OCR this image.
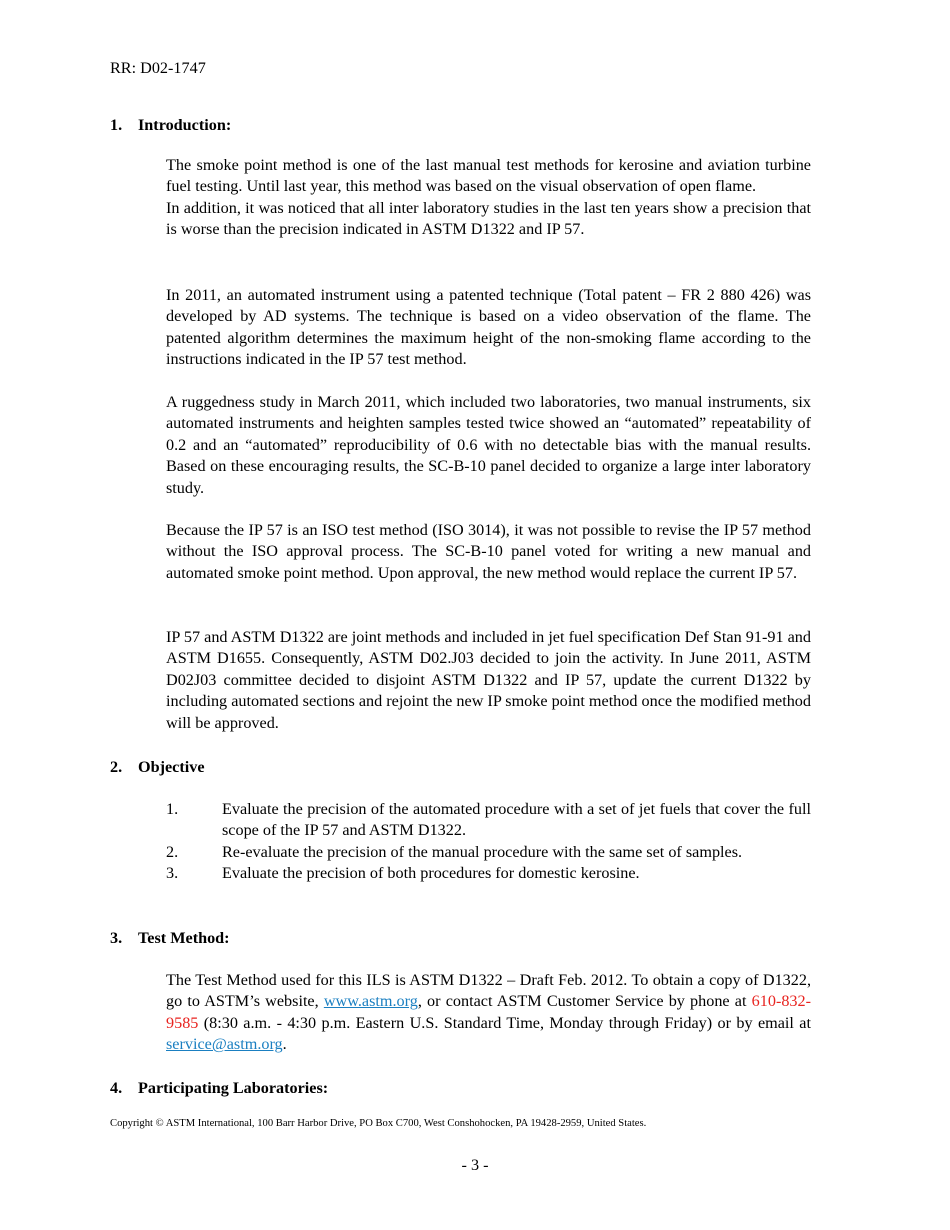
RR: D02-1747
1. Introduction:

The smoke point method is one of the last manual test methods for kerosine and aviation turbine fuel testing. Until last year, this method was based on the visual observation of open flame.

In addition, it was noticed that all inter laboratory studies in the last ten years show a precision that is worse than the precision indicated in ASTM D1322 and IP 57.

In 2011, an automated instrument using a patented technique (Total patent – FR 2 880 426) was developed by AD systems. The technique is based on a video observation of the flame. The patented algorithm determines the maximum height of the non-smoking flame according to the instructions indicated in the IP 57 test method.

A ruggedness study in March 2011, which included two laboratories, two manual instruments, six automated instruments and heighten samples tested twice showed an “automated” repeatability of 0.2 and an “automated” reproducibility of 0.6 with no detectable bias with the manual results. Based on these encouraging results, the SC-B-10 panel decided to organize a large inter laboratory study.

Because the IP 57 is an ISO test method (ISO 3014), it was not possible to revise the IP 57 method without the ISO approval process. The SC-B-10 panel voted for writing a new manual and automated smoke point method. Upon approval, the new method would replace the current IP 57.

IP 57 and ASTM D1322 are joint methods and included in jet fuel specification Def Stan 91-91 and ASTM D1655. Consequently, ASTM D02.J03 decided to join the activity. In June 2011, ASTM D02J03 committee decided to disjoint ASTM D1322 and IP 57, update the current D1322 by including automated sections and rejoint the new IP smoke point method once the modified method will be approved.

2. Objective
1.	Evaluate the precision of the automated procedure with a set of jet fuels that cover the full scope of the IP 57 and ASTM D1322.
2.	Re-evaluate the precision of the manual procedure with the same set of samples.
3.	Evaluate the precision of both procedures for domestic kerosine.
3. Test Method:

The Test Method used for this ILS is ASTM D1322 – Draft Feb. 2012. To obtain a copy of D1322, go to ASTM’s website, www.astm.org, or contact ASTM Customer Service by phone at 610-832-9585 (8:30 a.m. - 4:30 p.m. Eastern U.S. Standard Time, Monday through Friday) or by email at service@astm.org.

4. Participating Laboratories:
Copyright © ASTM International, 100 Barr Harbor Drive, PO Box C700, West Conshohocken, PA 19428-2959, United States.
- 3 -
